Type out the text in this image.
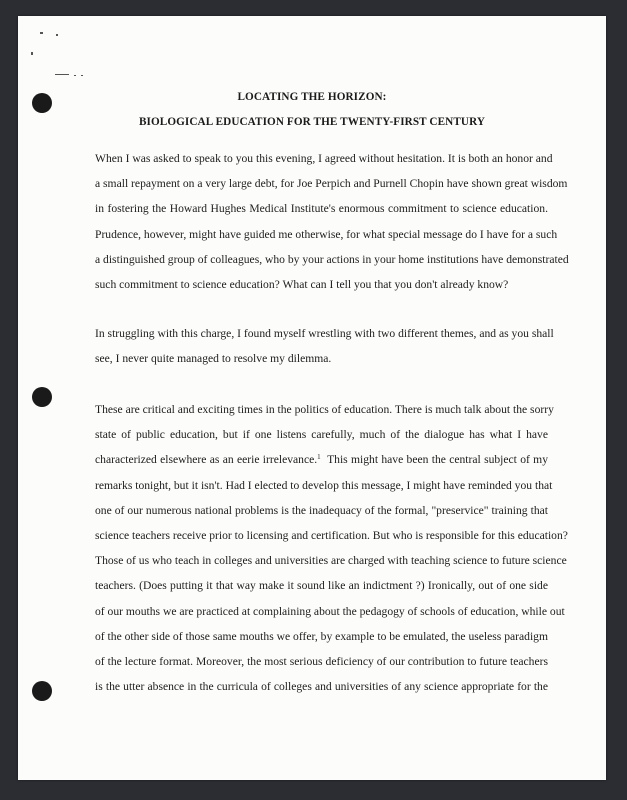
LOCATING THE HORIZON:
BIOLOGICAL EDUCATION FOR THE TWENTY-FIRST CENTURY
When I was asked to speak to you this evening, I agreed without hesitation. It is both an honor and
a small repayment on a very large debt, for Joe Perpich and Purnell Chopin have shown great wisdom
in fostering the Howard Hughes Medical Institute's enormous commitment to science education.
Prudence, however, might have guided me otherwise, for what special message do I have for a such
a distinguished group of colleagues, who by your actions in your home institutions have demonstrated
such commitment to science education? What can I tell you that you don't already know?
In struggling with this charge, I found myself wrestling with two different themes, and as you shall
see, I never quite managed to resolve my dilemma.
These are critical and exciting times in the politics of education. There is much talk about the sorry
state of public education, but if one listens carefully, much of the dialogue has what I have
characterized elsewhere as an eerie irrelevance.$^1$  This might have been the central subject of my
remarks tonight, but it isn't. Had I elected to develop this message, I might have reminded you that
one of our numerous national problems is the inadequacy of the formal, "preservice" training that
science teachers receive prior to licensing and certification. But who is responsible for this education?
Those of us who teach in colleges and universities are charged with teaching science to future science
teachers. (Does putting it that way make it sound like an indictment ?) Ironically, out of one side
of our mouths we are practiced at complaining about the pedagogy of schools of education, while out
of the other side of those same mouths we offer, by example to be emulated, the useless paradigm
of the lecture format. Moreover, the most serious deficiency of our contribution to future teachers
is the utter absence in the curricula of colleges and universities of any science appropriate for the
